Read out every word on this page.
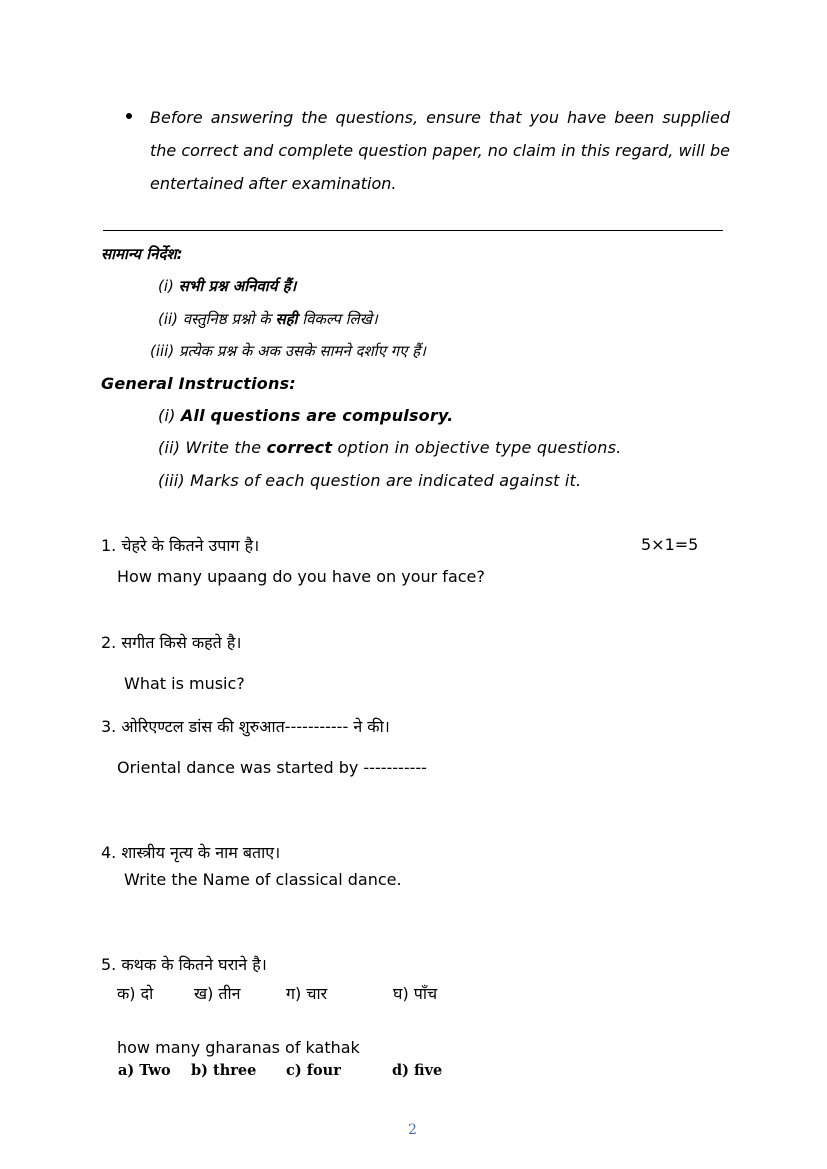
Before answering the questions, ensure that you have been supplied the correct and complete question paper, no claim in this regard, will be entertained after examination.
सामान्य निर्देश:
(i) सभी प्रश्न अनिवार्य हैं।
(ii) वस्तुनिष्ठ प्रश्नो के सही विकल्प लिखे।
(iii) प्रत्येक प्रश्न के अक उसके सामने दर्शाए गए हैं।
General Instructions:
(i) All questions are compulsory.
(ii) Write the correct option in objective type questions.
(iii) Marks of each question are indicated against it.
1. चेहरे के कितने उपाग है।	5×1=5
How many upaang do you have on your face?
2. सगीत किसे कहते है।
What is music?
3. ओरिएण्टल डांस की शुरुआत----------- ने की।
Oriental dance was started by -----------
4. शास्त्रीय नृत्य के नाम बताए।
Write the Name of classical dance.
5. कथक के कितने घराने है।
क) दो	ख) तीन	ग) चार	घ) पाँच
how many gharanas of kathak
a) Two b) three c) four	d) five
2
